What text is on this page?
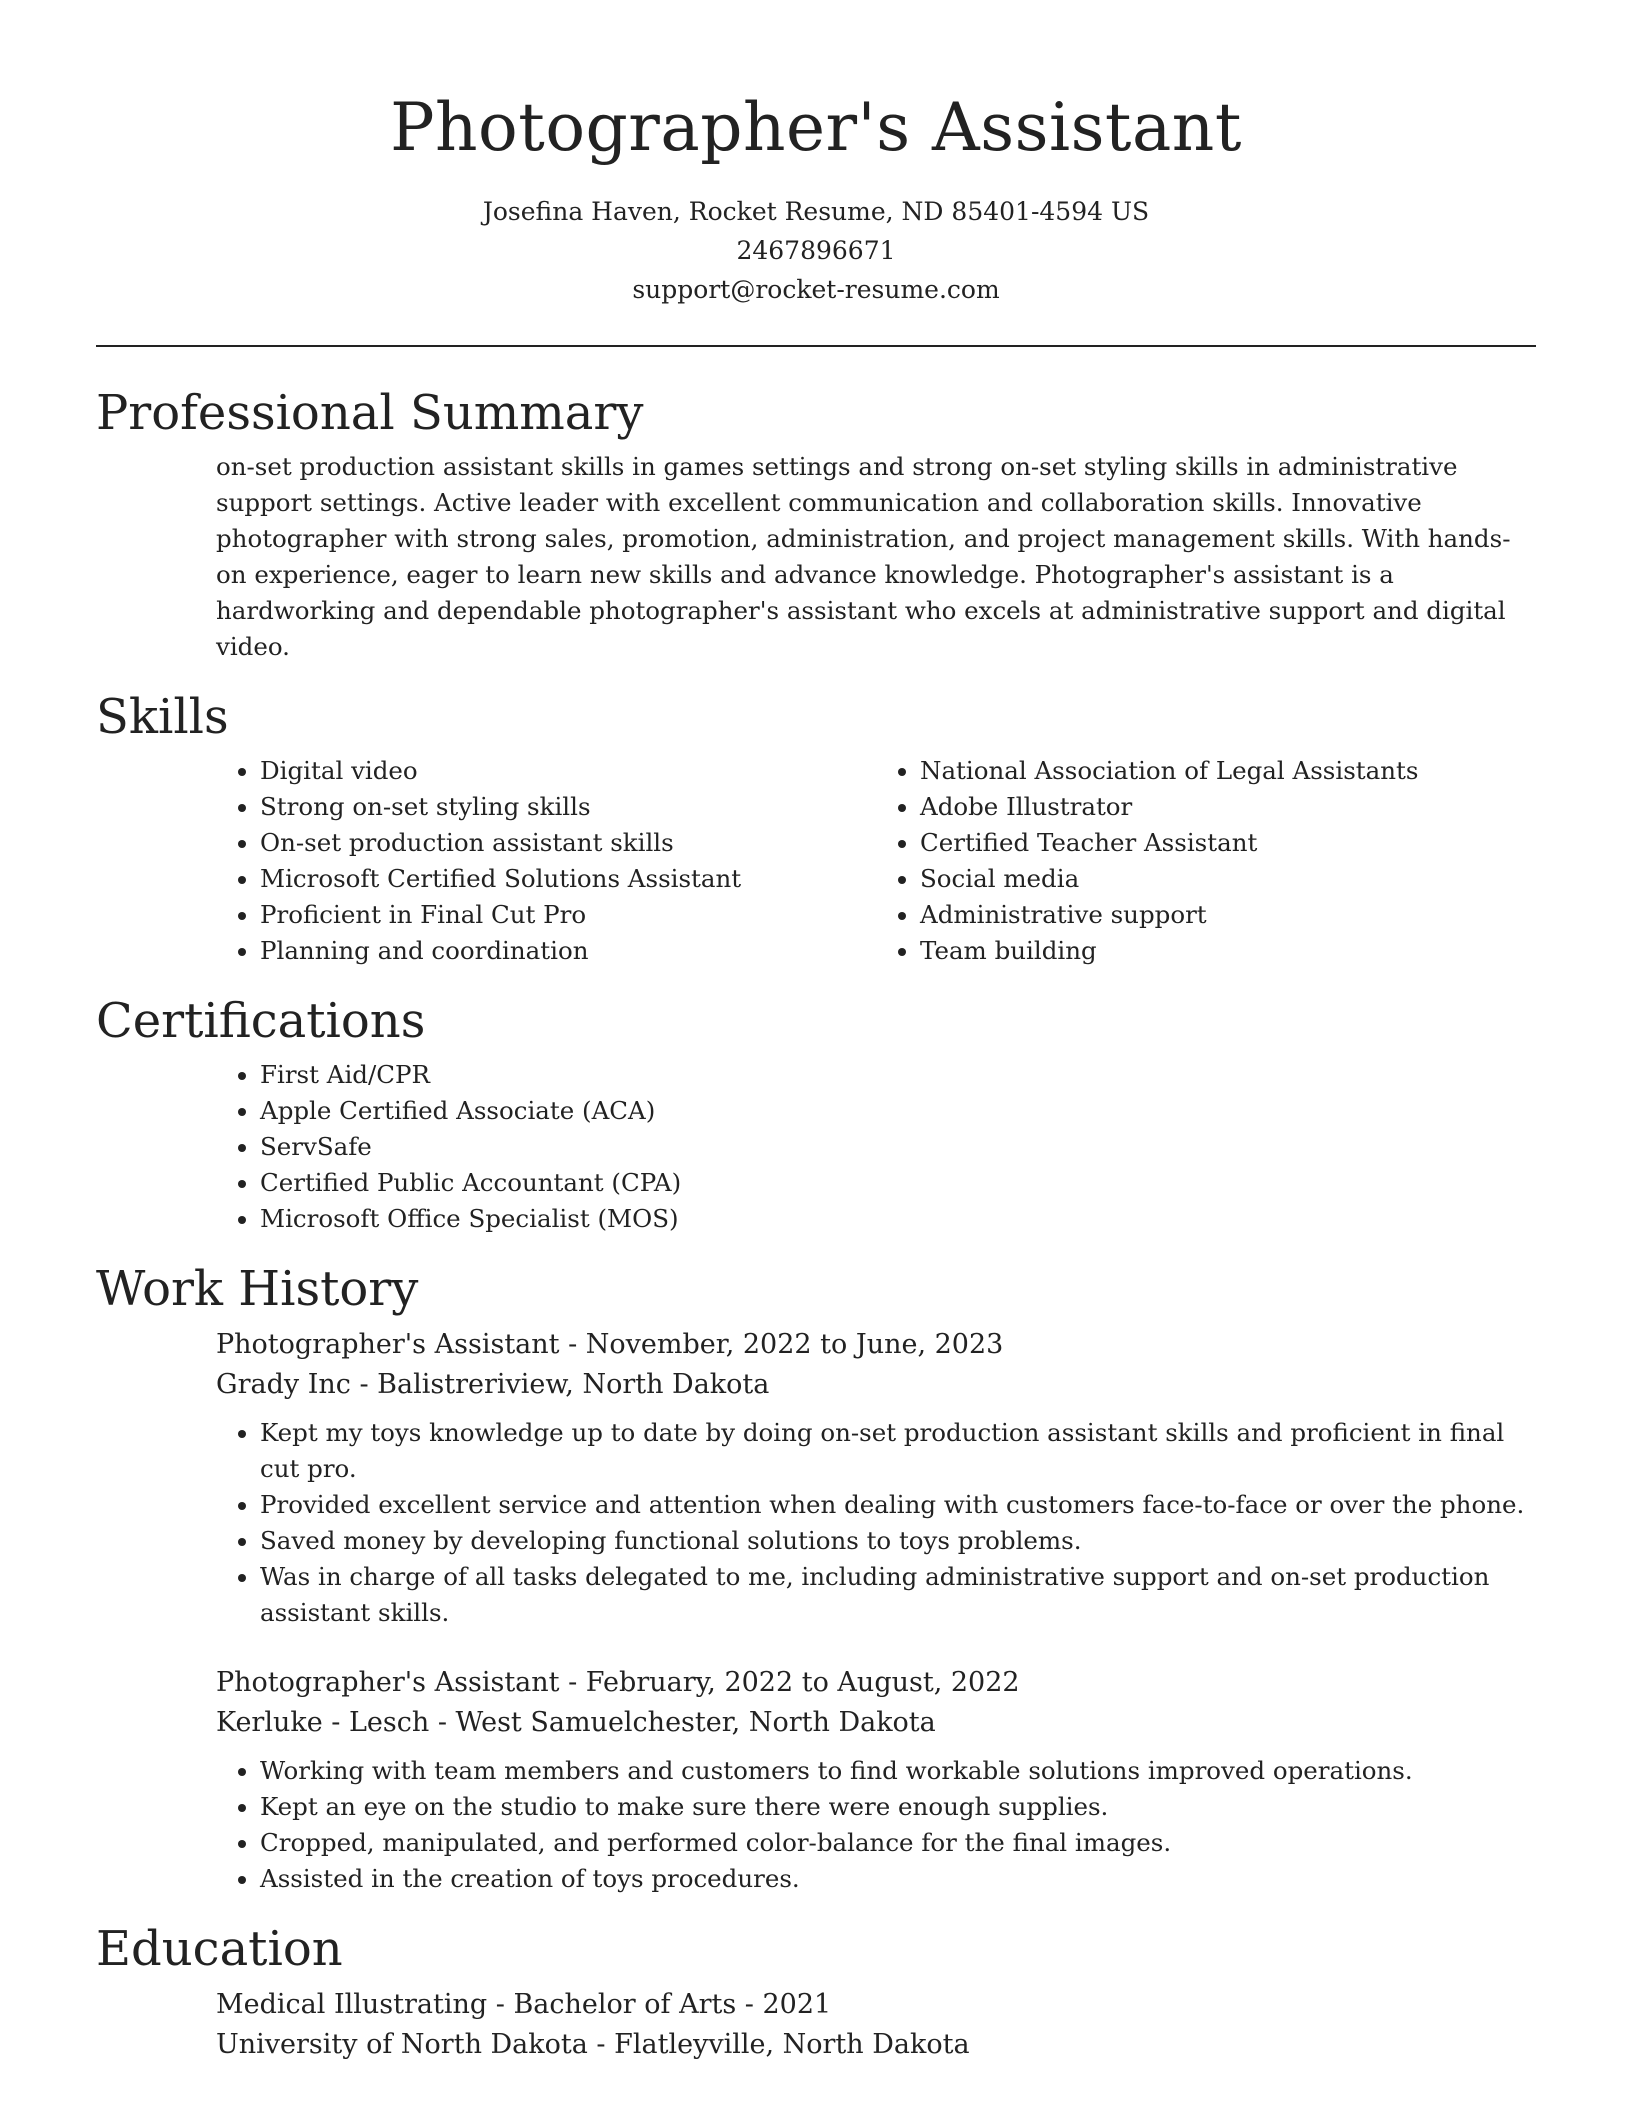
Photographer's Assistant
Josefina Haven, Rocket Resume, ND 85401-4594 US
2467896671
support@rocket-resume.com
Professional Summary

on-set production assistant skills in games settings and strong on-set styling skills in administrative support settings. Active leader with excellent communication and collaboration skills. Innovative photographer with strong sales, promotion, administration, and project management skills. With hands-on experience, eager to learn new skills and advance knowledge. Photographer's assistant is a hardworking and dependable photographer's assistant who excels at administrative support and digital video.

Skills
• Digital video
• Strong on-set styling skills
• On-set production assistant skills
• Microsoft Certified Solutions Assistant
• Proficient in Final Cut Pro
• Planning and coordination
• National Association of Legal Assistants
• Adobe Illustrator
• Certified Teacher Assistant
• Social media
• Administrative support
• Team building
Certifications
• First Aid/CPR
• Apple Certified Associate (ACA)
• ServSafe
• Certified Public Accountant (CPA)
• Microsoft Office Specialist (MOS)
Work History
Photographer's Assistant - November, 2022 to June, 2023
Grady Inc - Balistreriview, North Dakota
• Kept my toys knowledge up to date by doing on-set production assistant skills and proficient in final cut pro.
• Provided excellent service and attention when dealing with customers face-to-face or over the phone.
• Saved money by developing functional solutions to toys problems.
• Was in charge of all tasks delegated to me, including administrative support and on-set production assistant skills.
Photographer's Assistant - February, 2022 to August, 2022
Kerluke - Lesch - West Samuelchester, North Dakota
• Working with team members and customers to find workable solutions improved operations.
• Kept an eye on the studio to make sure there were enough supplies.
• Cropped, manipulated, and performed color-balance for the final images.
• Assisted in the creation of toys procedures.
Education
Medical Illustrating - Bachelor of Arts - 2021
University of North Dakota - Flatleyville, North Dakota
